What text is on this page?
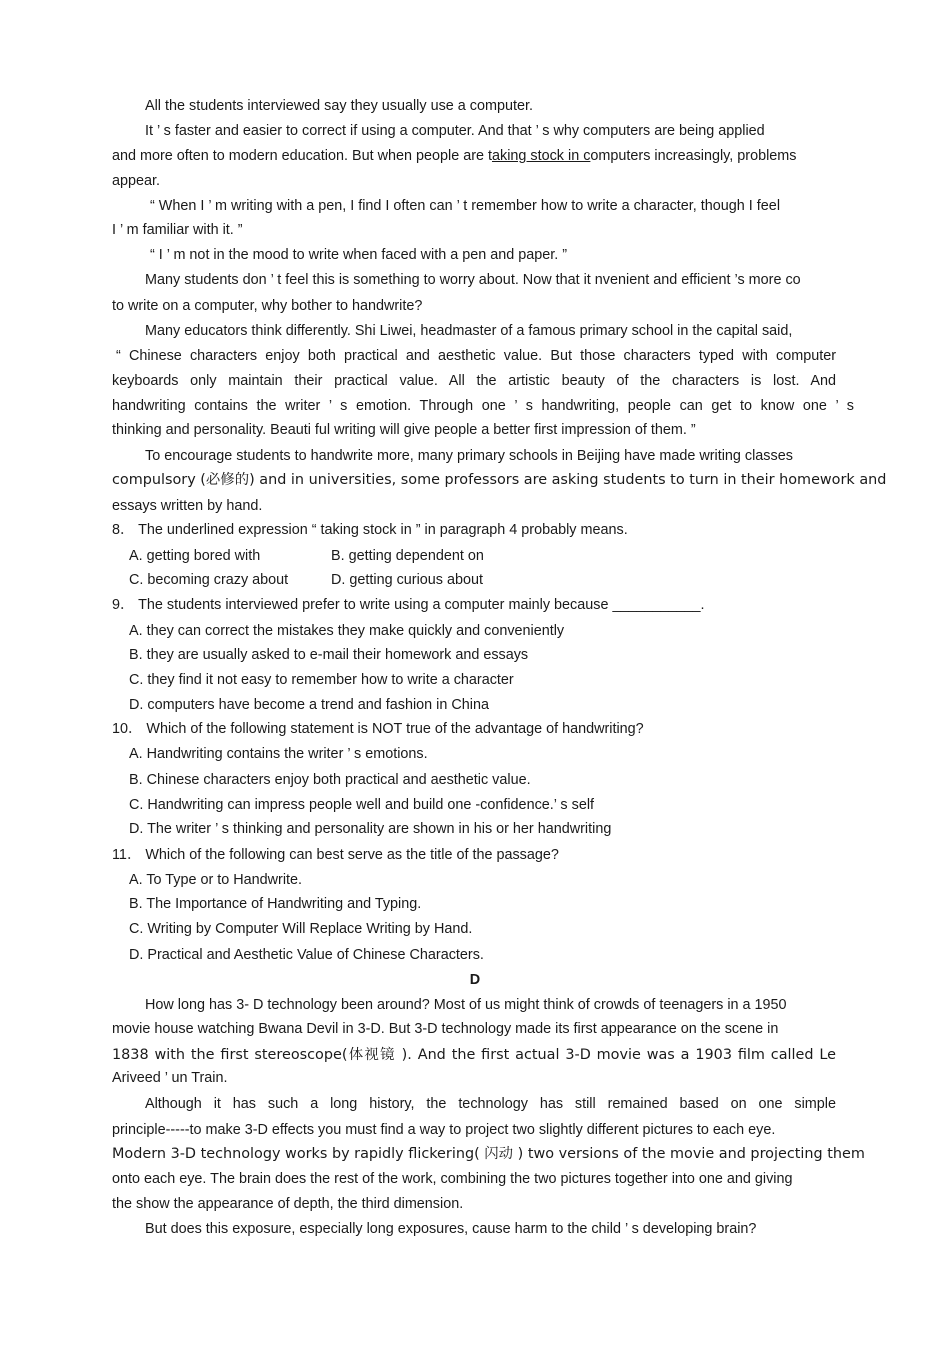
All the students interviewed say they usually use a computer.
It ’ s faster and easier to correct if using a computer. And that ’ s why computers are being applied
and more often to modern education. But when people are taking stock in computers increasingly, problems
appear.
“ When I ’ m writing with a pen, I find I often can ’ t remember how to write a character, though I feel
I ’ m familiar with it. ”
“ I ’ m not in the mood to write when faced with a pen and paper. ”
Many students don ’ t feel this is something to worry about. Now that it nvenient and efficient ’s more co
to write on a computer, why bother to handwrite?
Many educators think differently. Shi Liwei, headmaster of a famous primary school in the capital said,
“ Chinese characters enjoy both practical and aesthetic value. But those characters typed with computer
keyboards only maintain their practical value. All the artistic beauty of the characters is lost. And
handwriting contains the writer ’ s emotion. Through one ’ s handwriting, people can get to know one ’ s
thinking and personality. Beauti ful writing will give people a better first impression of them. ”
To encourage students to handwrite more, many primary schools in Beijing have made writing classes
compulsory (必修的) and in universities, some professors are asking students to turn in their homework and
essays written by hand.
8． The underlined expression “ taking stock in ” in paragraph 4 probably means.
A. getting bored with	B. getting dependent on
C. becoming crazy about	D. getting curious about
9． The students interviewed prefer to write using a computer mainly because ___________.
A. they can correct the mistakes they make quickly and conveniently
B. they are usually asked to e-mail their homework and essays
C. they find it not easy to remember how to write a character
D. computers have become a trend and fashion in China
10． Which of the following statement is NOT true of the advantage of handwriting?
A. Handwriting contains the writer ’ s emotions.
B. Chinese characters enjoy both practical and aesthetic value.
C. Handwriting can impress people well and build one -confidence.’ s self
D. The writer ’ s thinking and personality are shown in his or her handwriting
11． Which of the following can best serve as the title of the passage?
A. To Type or to Handwrite.
B. The Importance of Handwriting and Typing.
C. Writing by Computer Will Replace Writing by Hand.
D. Practical and Aesthetic Value of Chinese Characters.
D
How long has 3- D technology been around? Most of us might think of crowds of teenagers in a 1950
movie house watching Bwana Devil in 3-D. But 3-D technology made its first appearance on the scene in
1838 with the first stereoscope(体视镜 ). And the first actual 3-D movie was a 1903 film called Le
Ariveed ’ un Train.
Although it has such a long history, the technology has still remained based on one simple
principle-----to make 3-D effects you must find a way to project two slightly different pictures to each eye.
Modern 3-D technology works by rapidly flickering( 闪动 ) two versions of the movie and projecting them
onto each eye. The brain does the rest of the work, combining the two pictures together into one and giving
the show the appearance of depth, the third dimension.
But does this exposure, especially long exposures, cause harm to the child ’ s developing brain?
